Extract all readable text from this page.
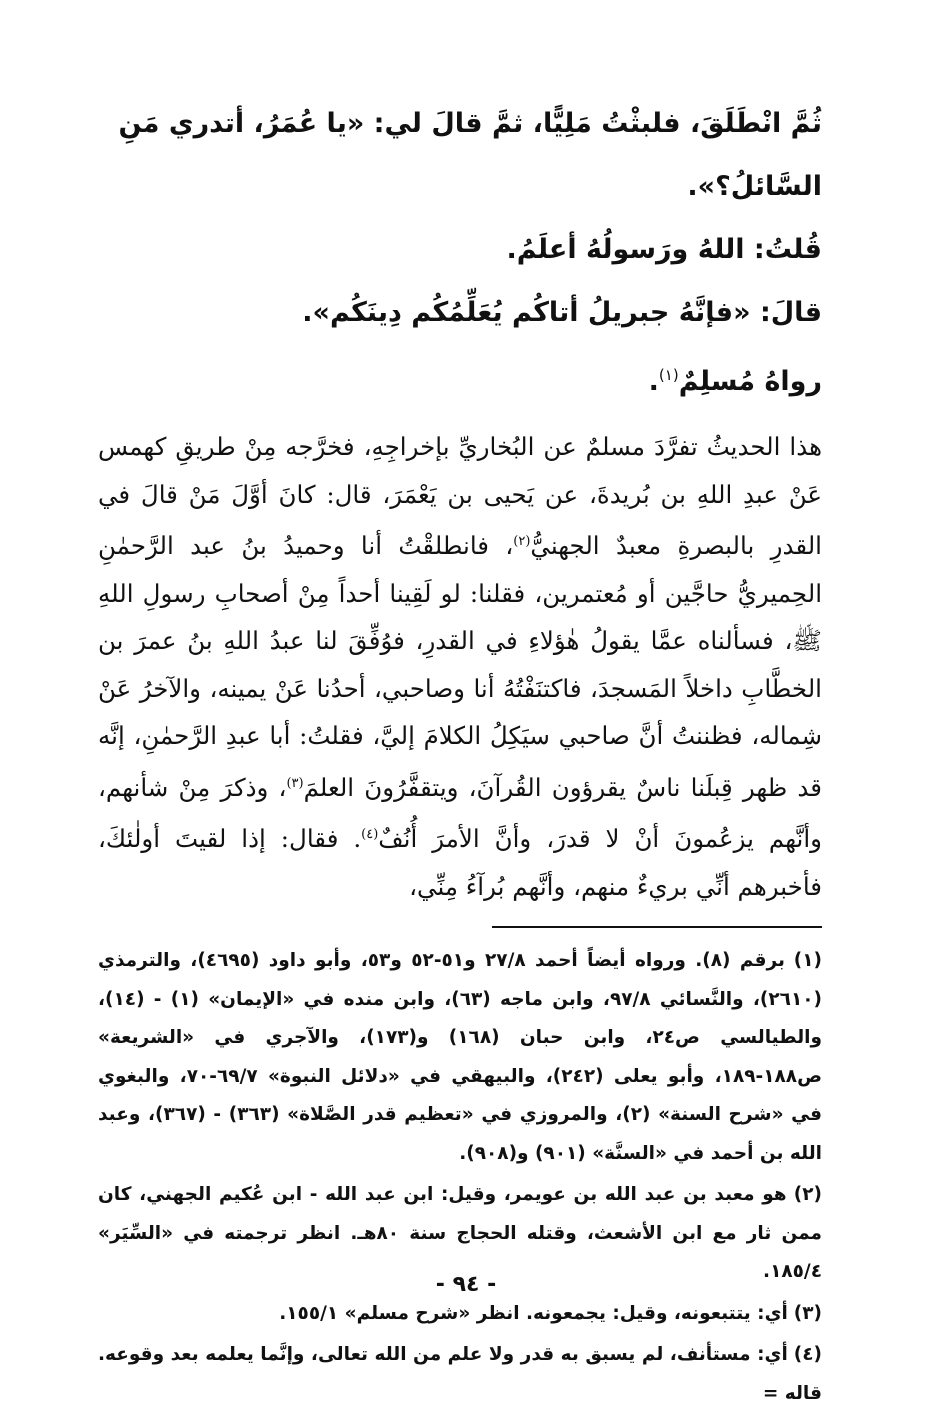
ثُمَّ انْطَلَقَ، فلبثْتُ مَلِيًّا، ثمَّ قالَ لي: «يا عُمَرُ، أتدري مَنِ السَّائلُ؟».

قُلتُ: اللهُ ورَسولُهُ أعلَمُ.

قالَ: «فإنَّهُ جبريلُ أتاكُم يُعَلِّمُكُم دِينَكُم».

رواهُ مُسلِمٌ$^{(١)}$.

هذا الحديثُ تفرَّدَ مسلمٌ عن البُخاريِّ بإخراجِهِ، فخرَّجه مِنْ طريقِ كهمس عَنْ عبدِ اللهِ بن بُريدةَ، عن يَحيى بن يَعْمَرَ، قال: كانَ أوَّلَ مَنْ قالَ في القدرِ بالبصرةِ معبدٌ الجهنيُّ$^{(٢)}$، فانطلقْتُ أنا وحميدُ بنُ عبد الرَّحمٰنِ الحِميريُّ حاجَّين أو مُعتمرين، فقلنا: لو لَقِينا أحداً مِنْ أصحابِ رسولِ اللهِ ﷺ، فسألناه عمَّا يقولُ هٰؤلاءِ في القدرِ، فوُفِّقَ لنا عبدُ اللهِ بنُ عمرَ بن الخطَّابِ داخلاً المَسجدَ، فاكتنَفْتُهُ أنا وصاحبي، أحدُنا عَنْ يمينه، والآخرُ عَنْ شِماله، فظننتُ أنَّ صاحبي سيَكِلُ الكلامَ إليَّ، فقلتُ: أبا عبدِ الرَّحمٰنِ، إنَّه قد ظهر قِبلَنا ناسٌ يقرؤون القُرآنَ، ويتقفَّرُونَ العلمَ$^{(٣)}$، وذكرَ مِنْ شأنهم، وأنَّهم يزعُمونَ أنْ لا قدرَ، وأنَّ الأمرَ أُنُفٌ$^{(٤)}$. فقال: إذا لقيتَ أولٰئكَ، فأخبرهم أنِّي بريءٌ منهم، وأنَّهم بُرآءُ مِنِّي،

(١) برقم (٨). ورواه أيضاً أحمد ٢٧/٨ و٥١-٥٢ و٥٣، وأبو داود (٤٦٩٥)، والترمذي (٢٦١٠)، والنَّسائي ٩٧/٨، وابن ماجه (٦٣)، وابن منده في «الإيمان» (١) - (١٤)، والطيالسي ص٢٤، وابن حبان (١٦٨) و(١٧٣)، والآجري في «الشريعة» ص١٨٨-١٨٩، وأبو يعلى (٢٤٢)، والبيهقي في «دلائل النبوة» ٦٩/٧-٧٠، والبغوي في «شرح السنة» (٢)، والمروزي في «تعظيم قدر الصَّلاة» (٣٦٣) - (٣٦٧)، وعبد الله بن أحمد في «السنَّة» (٩٠١) و(٩٠٨).

(٢) هو معبد بن عبد الله بن عويمر، وقيل: ابن عبد الله - ابن عُكيم الجهني، كان ممن ثار مع ابن الأشعث، وقتله الحجاج سنة ٨٠هـ. انظر ترجمته في «السِّيَر» ١٨٥/٤.

(٣) أي: يتتبعونه، وقيل: يجمعونه. انظر «شرح مسلم» ١٥٥/١.

(٤) أي: مستأنف، لم يسبق به قدر ولا علم من الله تعالى، وإنَّما يعلمه بعد وقوعه. قاله =

- ٩٤ -
